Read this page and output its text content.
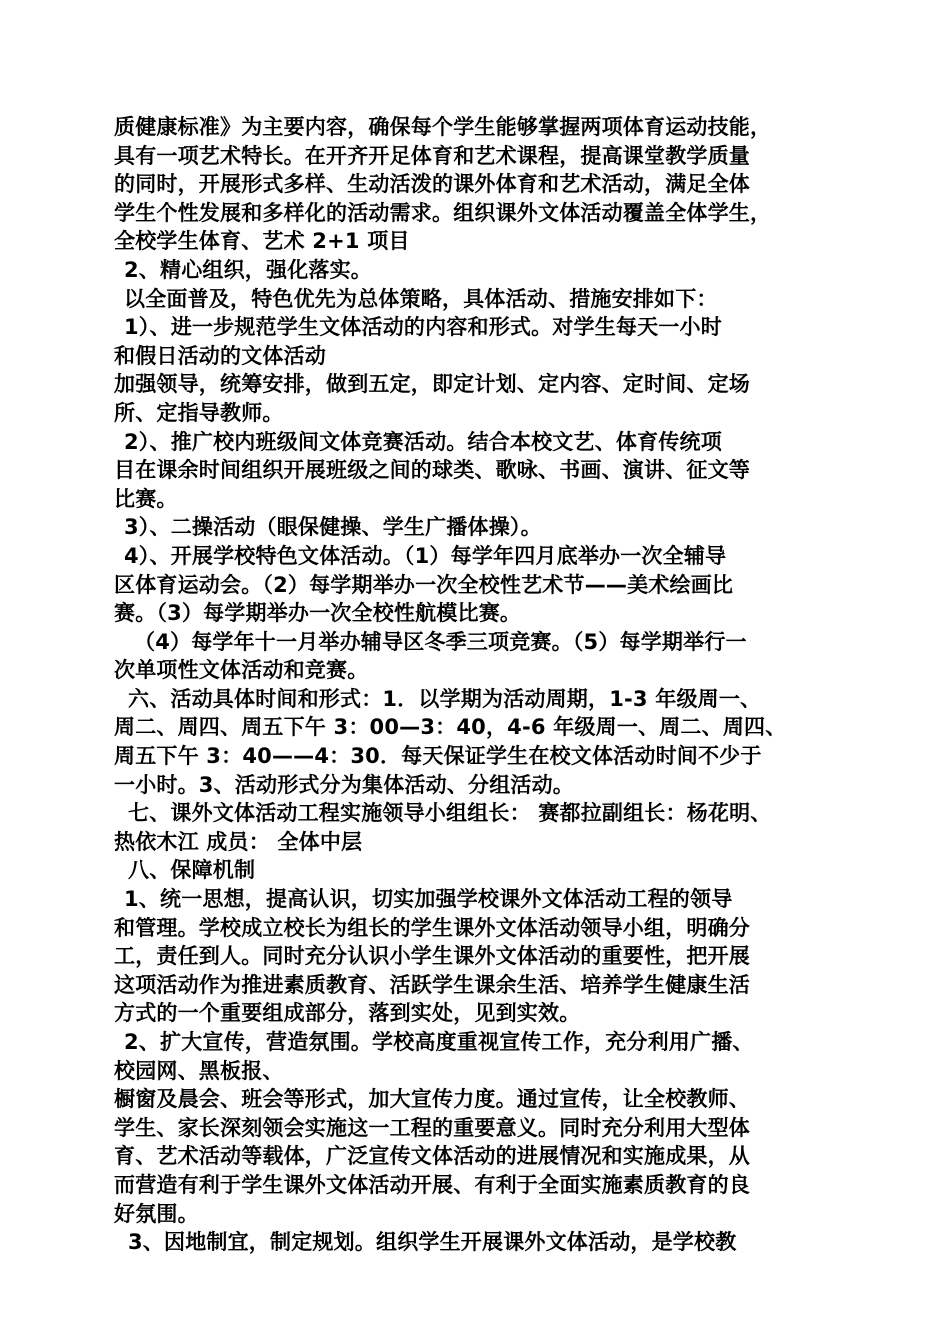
质健康标准》为主要内容，确保每个学生能够掌握两项体育运动技能，
具有一项艺术特长。在开齐开足体育和艺术课程，提高课堂教学质量
的同时，开展形式多样、生动活泼的课外体育和艺术活动，满足全体
学生个性发展和多样化的活动需求。组织课外文体活动覆盖全体学生，
全校学生体育、艺术 2+1 项目
2、精心组织，强化落实。
以全面普及，特色优先为总体策略，具体活动、措施安排如下：
1）、进一步规范学生文体活动的内容和形式。对学生每天一小时
和假日活动的文体活动
加强领导，统筹安排，做到五定，即定计划、定内容、定时间、定场
所、定指导教师。
2）、推广校内班级间文体竞赛活动。结合本校文艺、体育传统项
目在课余时间组织开展班级之间的球类、歌咏、书画、演讲、征文等
比赛。
3）、二操活动（眼保健操、学生广播体操）。
4）、开展学校特色文体活动。（1）每学年四月底举办一次全辅导
区体育运动会。（2）每学期举办一次全校性艺术节——美术绘画比
赛。（3）每学期举办一次全校性航模比赛。
（4）每学年十一月举办辅导区冬季三项竞赛。（5）每学期举行一
次单项性文体活动和竞赛。
六、活动具体时间和形式：1．以学期为活动周期，1-3 年级周一、
周二、周四、周五下午 3：00—3：40，4-6 年级周一、周二、周四、
周五下午 3：40——4：30．每天保证学生在校文体活动时间不少于
一小时。3、活动形式分为集体活动、分组活动。
七、课外文体活动工程实施领导小组组长： 赛都拉副组长：杨花明、
热依木江 成员： 全体中层
八、保障机制
1、统一思想，提高认识，切实加强学校课外文体活动工程的领导
和管理。学校成立校长为组长的学生课外文体活动领导小组，明确分
工，责任到人。同时充分认识小学生课外文体活动的重要性，把开展
这项活动作为推进素质教育、活跃学生课余生活、培养学生健康生活
方式的一个重要组成部分，落到实处，见到实效。
2、扩大宣传，营造氛围。学校高度重视宣传工作，充分利用广播、
校园网、黑板报、
橱窗及晨会、班会等形式，加大宣传力度。通过宣传，让全校教师、
学生、家长深刻领会实施这一工程的重要意义。同时充分利用大型体
育、艺术活动等载体，广泛宣传文体活动的进展情况和实施成果，从
而营造有利于学生课外文体活动开展、有利于全面实施素质教育的良
好氛围。
3、因地制宜，制定规划。组织学生开展课外文体活动，是学校教
